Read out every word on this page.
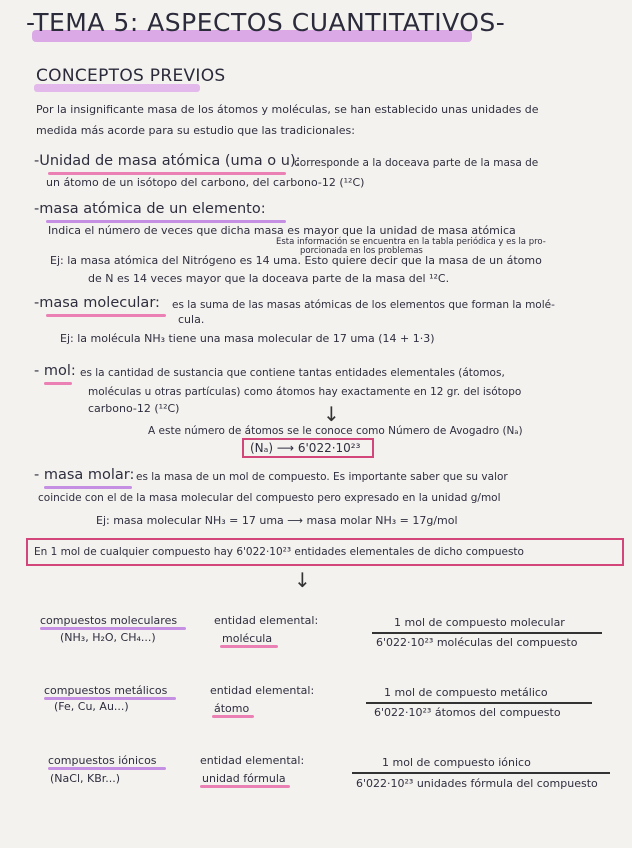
-TEMA 5: ASPECTOS CUANTITATIVOS-
CONCEPTOS PREVIOS
Por la insignificante masa de los átomos y moléculas, se han establecido unas unidades de
medida más acorde para su estudio que las tradicionales:
-Unidad de masa atómica (uma o u):
corresponde a la doceava parte de la masa de
un átomo de un isótopo del carbono, del carbono-12 (¹²C)
-masa atómica de un elemento:
Indica el número de veces que dicha masa es mayor que la unidad de masa atómica
Esta información se encuentra en la tabla periódica y es la pro-
porcionada en los problemas
Ej: la masa atómica del Nitrógeno es 14 uma. Esto quiere decir que la masa de un átomo
de N es 14 veces mayor que la doceava parte de la masa del ¹²C.
-masa molecular: es la suma de las masas atómicas de los elementos que forman la molé-
cula.
Ej: la molécula NH₃ tiene una masa molecular de 17 uma (14 + 1·3)
- mol: es la cantidad de sustancia que contiene tantas entidades elementales (átomos,
moléculas u otras partículas) como átomos hay exactamente en 12 gr. del isótopo
carbono-12 (¹²C)	↓
A este número de átomos se le conoce como Número de Avogadro (Nₐ)
(Nₐ) ⟶ 6'022·10²³
- masa molar: es la masa de un mol de compuesto. Es importante saber que su valor
coincide con el de la masa molecular del compuesto pero expresado en la unidad g/mol
Ej: masa molecular NH₃ = 17 uma ⟶ masa molar NH₃ = 17g/mol
En 1 mol de cualquier compuesto hay 6'022·10²³ entidades elementales de dicho compuesto
↓
compuestos moleculares
(NH₃, H₂O, CH₄...)
entidad elemental:
molécula
1 mol de compuesto molecular
6'022·10²³ moléculas del compuesto
compuestos metálicos
(Fe, Cu, Au...)
entidad elemental:
átomo
1 mol de compuesto metálico
6'022·10²³ átomos del compuesto
compuestos iónicos
(NaCl, KBr...)
entidad elemental:
unidad fórmula
1 mol de compuesto iónico
6'022·10²³ unidades fórmula del compuesto
